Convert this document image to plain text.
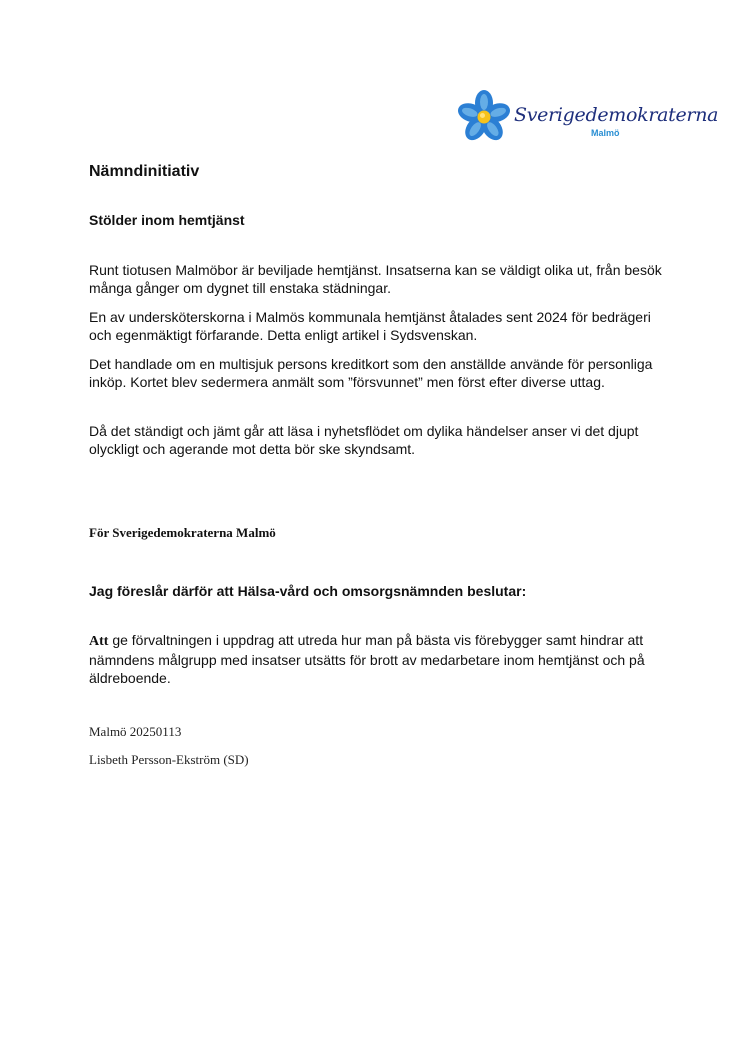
Sverigedemokraterna
Malmö
Nämndinitiativ
Stölder inom hemtjänst

Runt tiotusen Malmöbor är beviljade hemtjänst. Insatserna kan se väldigt olika ut, från besök många gånger om dygnet till enstaka städningar.

En av undersköterskorna i Malmös kommunala hemtjänst åtalades sent 2024 för bedrägeri och egenmäktigt förfarande. Detta enligt artikel i Sydsvenskan.

Det handlade om en multisjuk persons kreditkort som den anställde använde för personliga inköp. Kortet blev sedermera anmält som ”försvunnet” men först efter diverse uttag.

Då det ständigt och jämt går att läsa i nyhetsflödet om dylika händelser anser vi det djupt olyckligt och agerande mot detta bör ske skyndsamt.

För Sverigedemokraterna Malmö

Jag föreslår därför att Hälsa-vård och omsorgsnämnden beslutar:

Att ge förvaltningen i uppdrag att utreda hur man på bästa vis förebygger samt hindrar att nämndens målgrupp med insatser utsätts för brott av medarbetare inom hemtjänst och på äldreboende.

Malmö 20250113

Lisbeth Persson-Ekström (SD)
